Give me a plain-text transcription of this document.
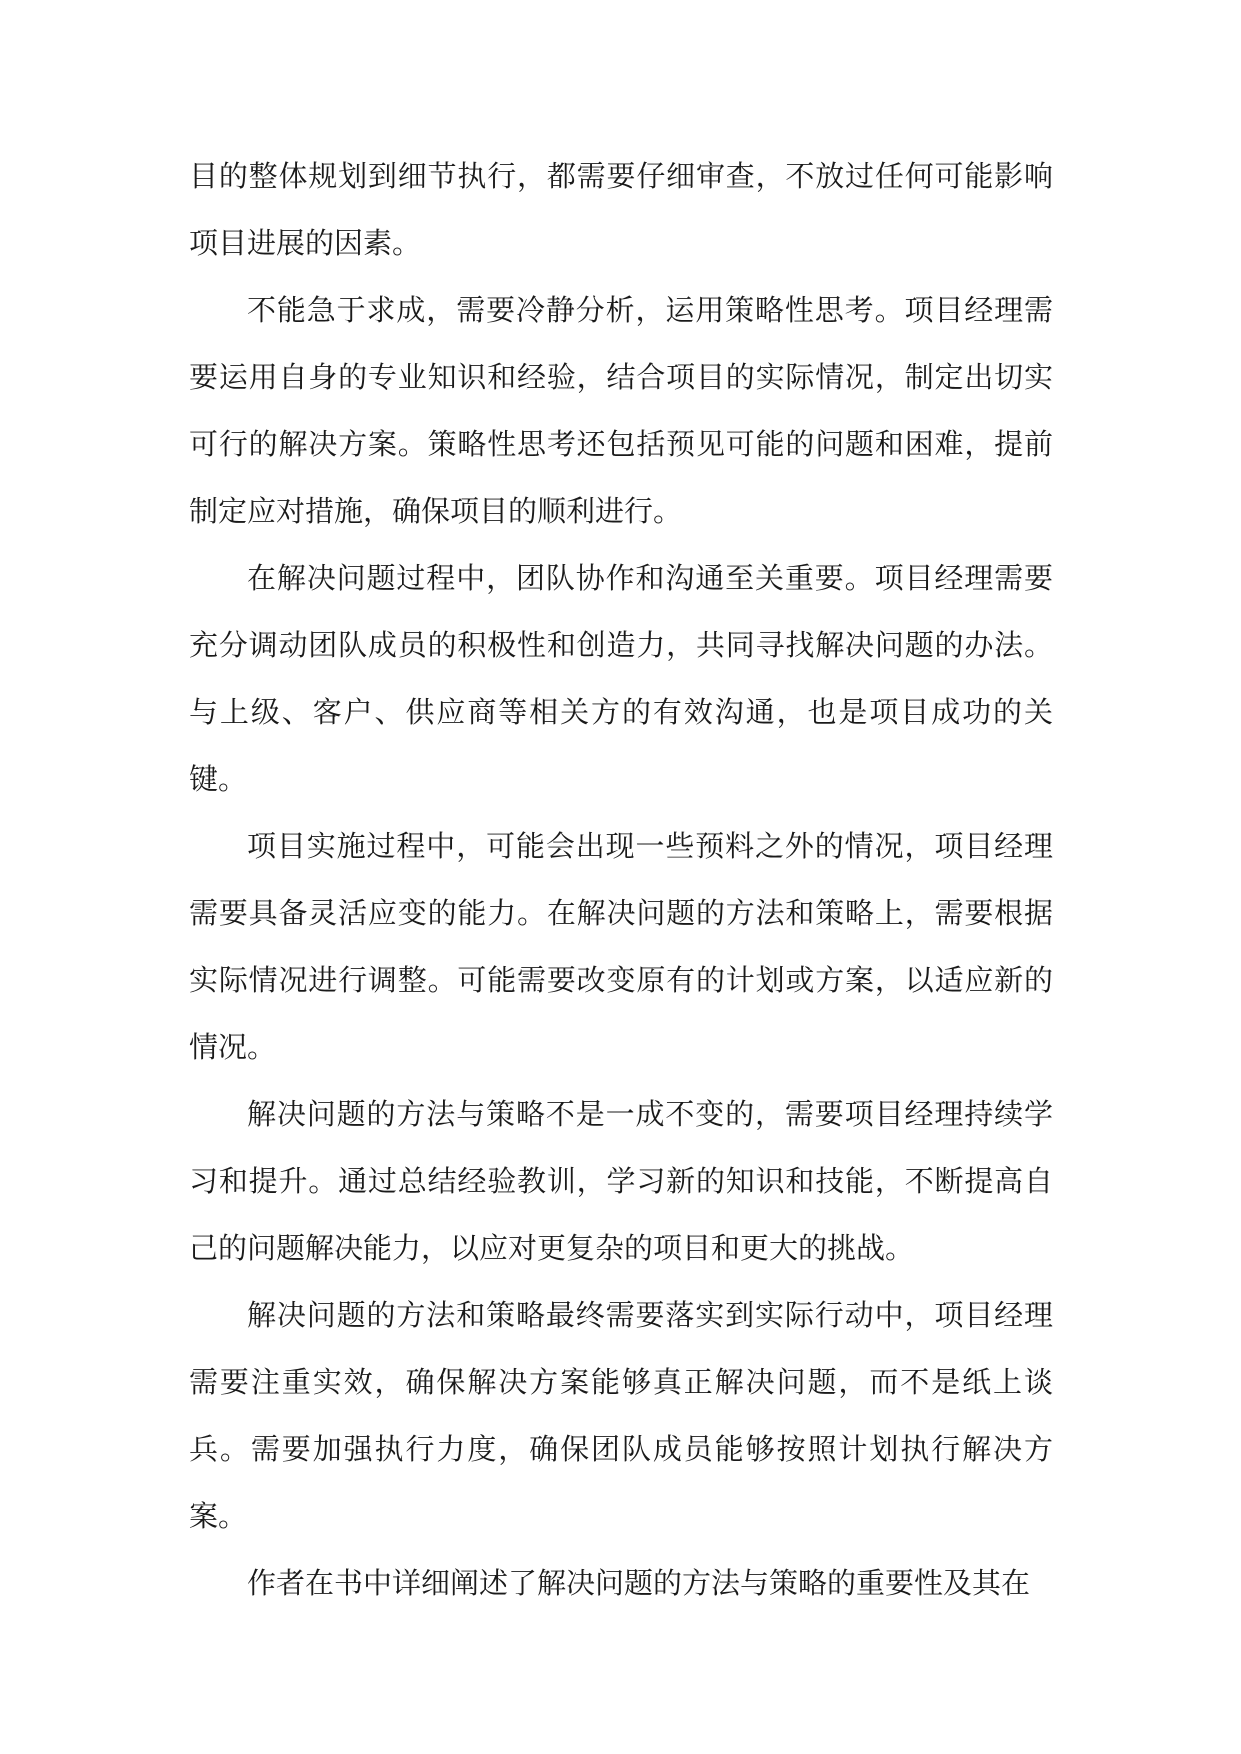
目的整体规划到细节执行，都需要仔细审查，不放过任何可能影响项目进展的因素。

不能急于求成，需要冷静分析，运用策略性思考。项目经理需要运用自身的专业知识和经验，结合项目的实际情况，制定出切实可行的解决方案。策略性思考还包括预见可能的问题和困难，提前制定应对措施，确保项目的顺利进行。

在解决问题过程中，团队协作和沟通至关重要。项目经理需要充分调动团队成员的积极性和创造力，共同寻找解决问题的办法。与上级、客户、供应商等相关方的有效沟通，也是项目成功的关键。

项目实施过程中，可能会出现一些预料之外的情况，项目经理需要具备灵活应变的能力。在解决问题的方法和策略上，需要根据实际情况进行调整。可能需要改变原有的计划或方案，以适应新的情况。

解决问题的方法与策略不是一成不变的，需要项目经理持续学习和提升。通过总结经验教训，学习新的知识和技能，不断提高自己的问题解决能力，以应对更复杂的项目和更大的挑战。

解决问题的方法和策略最终需要落实到实际行动中，项目经理需要注重实效，确保解决方案能够真正解决问题，而不是纸上谈兵。需要加强执行力度，确保团队成员能够按照计划执行解决方案。

作者在书中详细阐述了解决问题的方法与策略的重要性及其在
